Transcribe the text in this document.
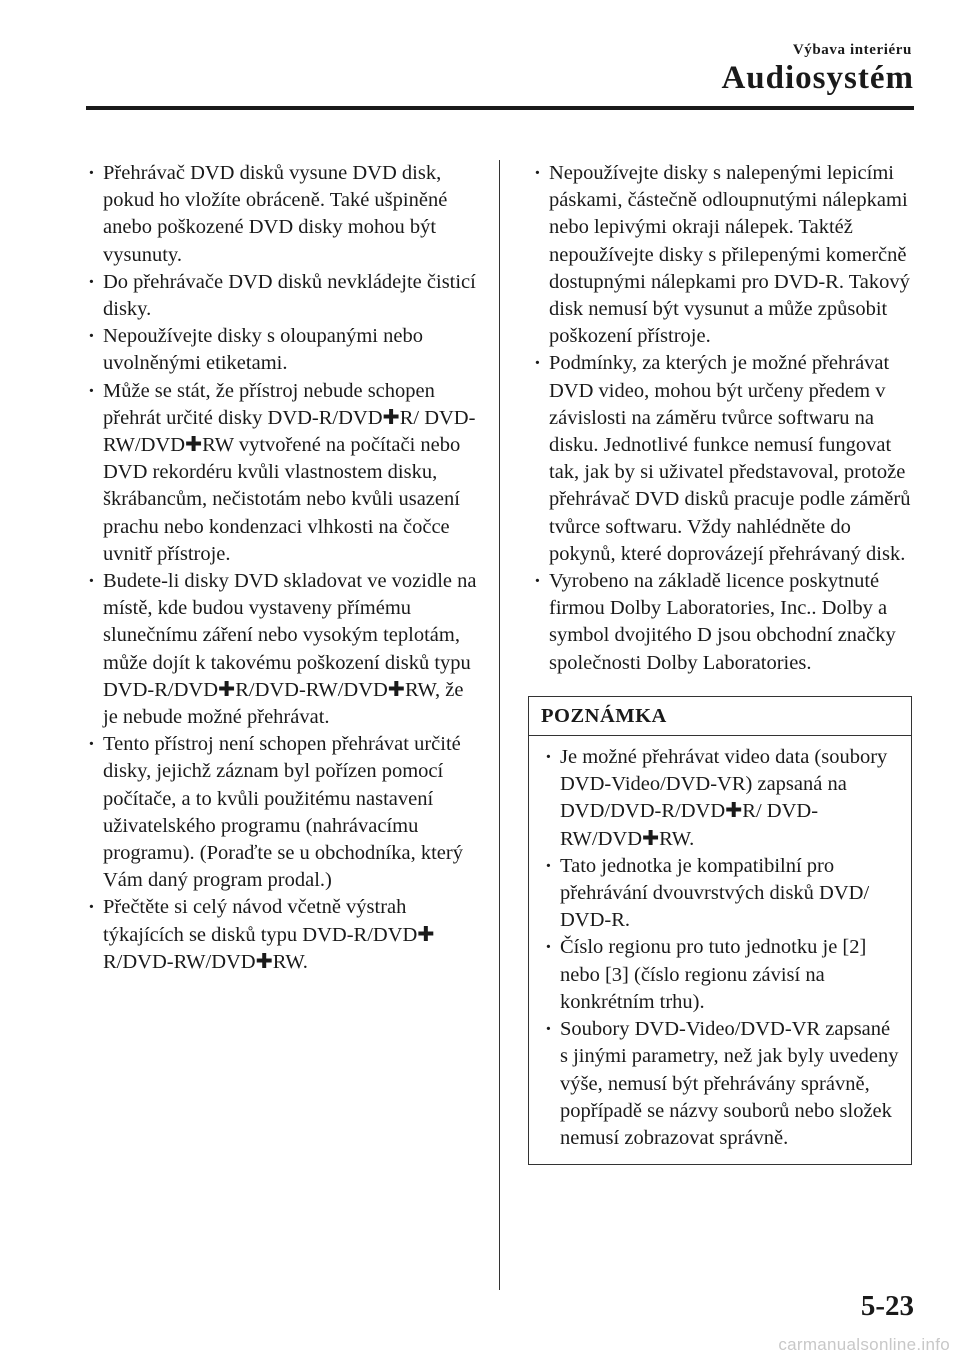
Výbava interiéru
Audiosystém
· Přehrávač DVD disků vysune DVD disk, pokud ho vložíte obráceně. Také ušpiněné anebo poškozené DVD disky mohou být vysunuty.
· Do přehrávače DVD disků nevkládejte čisticí disky.
· Nepoužívejte disky s oloupanými nebo uvolněnými etiketami.
· Může se stát, že přístroj nebude schopen přehrát určité disky DVD-R/DVD✚R/ DVD-RW/DVD✚RW vytvořené na počítači nebo DVD rekordéru kvůli vlastnostem disku, škrábancům, nečistotám nebo kvůli usazení prachu nebo kondenzaci vlhkosti na čočce uvnitř přístroje.
· Budete-li disky DVD skladovat ve vozidle na místě, kde budou vystaveny přímému slunečnímu záření nebo vysokým teplotám, může dojít k takovému poškození disků typu DVD-R/DVD✚R/DVD-RW/DVD✚RW, že je nebude možné přehrávat.
· Tento přístroj není schopen přehrávat určité disky, jejichž záznam byl pořízen pomocí počítače, a to kvůli použitému nastavení uživatelského programu (nahrávacímu programu). (Poraďte se u obchodníka, který Vám daný program prodal.)
· Přečtěte si celý návod včetně výstrah týkajících se disků typu DVD-R/DVD✚ R/DVD-RW/DVD✚RW.
· Nepoužívejte disky s nalepenými lepicími páskami, částečně odloupnutými nálepkami nebo lepivými okraji nálepek. Taktéž nepoužívejte disky s přilepenými komerčně dostupnými nálepkami pro DVD-R. Takový disk nemusí být vysunut a může způsobit poškození přístroje.
· Podmínky, za kterých je možné přehrávat DVD video, mohou být určeny předem v závislosti na záměru tvůrce softwaru na disku. Jednotlivé funkce nemusí fungovat tak, jak by si uživatel představoval, protože přehrávač DVD disků pracuje podle záměrů tvůrce softwaru. Vždy nahlédněte do pokynů, které doprovázejí přehrávaný disk.
· Vyrobeno na základě licence poskytnuté firmou Dolby Laboratories, Inc.. Dolby a symbol dvojitého D jsou obchodní značky společnosti Dolby Laboratories.
POZNÁMKA
· Je možné přehrávat video data (soubory DVD-Video/DVD-VR) zapsaná na DVD/DVD-R/DVD✚R/ DVD-RW/DVD✚RW.
· Tato jednotka je kompatibilní pro přehrávání dvouvrstvých disků DVD/ DVD-R.
· Číslo regionu pro tuto jednotku je [2] nebo [3] (číslo regionu závisí na konkrétním trhu).
· Soubory DVD-Video/DVD-VR zapsané s jinými parametry, než jak byly uvedeny výše, nemusí být přehrávány správně, popřípadě se názvy souborů nebo složek nemusí zobrazovat správně.
5-23
carmanualsonline.info
